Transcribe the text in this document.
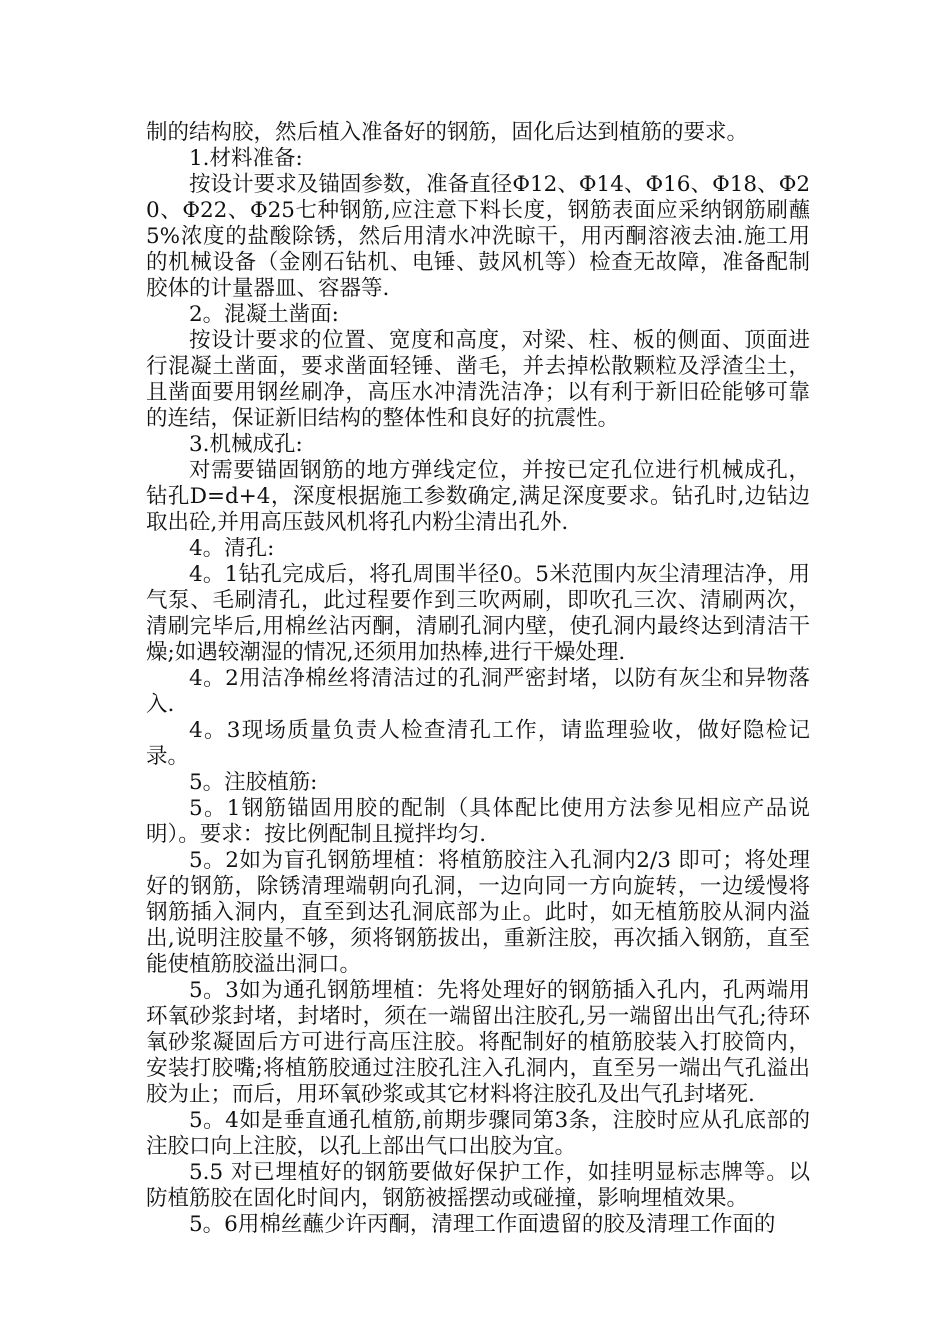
制的结构胶，然后植入准备好的钢筋，固化后达到植筋的要求。

1.材料准备:

按设计要求及锚固参数，准备直径Φ12、Φ14、Φ16、Φ18、Φ20、Φ22、Φ25七种钢筋,应注意下料长度，钢筋表面应采纳钢筋刷蘸5%浓度的盐酸除锈，然后用清水冲洗晾干，用丙酮溶液去油.施工用的机械设备（金刚石钻机、电锤、鼓风机等）检查无故障，准备配制胶体的计量器皿、容器等.

2。混凝土凿面:

按设计要求的位置、宽度和高度，对梁、柱、板的侧面、顶面进行混凝土凿面，要求凿面轻锤、凿毛，并去掉松散颗粒及浮渣尘土，且凿面要用钢丝刷净，高压水冲清洗洁净；以有利于新旧砼能够可靠的连结，保证新旧结构的整体性和良好的抗震性。

3.机械成孔:

对需要锚固钢筋的地方弹线定位，并按已定孔位进行机械成孔，钻孔D=d+4，深度根据施工参数确定,满足深度要求。钻孔时,边钻边取出砼,并用高压鼓风机将孔内粉尘清出孔外.

4。清孔:

4。1钻孔完成后，将孔周围半径0。5米范围内灰尘清理洁净，用气泵、毛刷清孔，此过程要作到三吹两刷，即吹孔三次、清刷两次，清刷完毕后,用棉丝沾丙酮，清刷孔洞内壁，使孔洞内最终达到清洁干燥;如遇较潮湿的情况,还须用加热棒,进行干燥处理.

4。2用洁净棉丝将清洁过的孔洞严密封堵，以防有灰尘和异物落入.

4。3现场质量负责人检查清孔工作，请监理验收，做好隐检记录。

5。注胶植筋:

5。1钢筋锚固用胶的配制（具体配比使用方法参见相应产品说明）。要求：按比例配制且搅拌均匀.

5。2如为盲孔钢筋埋植：将植筋胶注入孔洞内2/3 即可；将处理好的钢筋，除锈清理端朝向孔洞，一边向同一方向旋转，一边缓慢将钢筋插入洞内，直至到达孔洞底部为止。此时，如无植筋胶从洞内溢出,说明注胶量不够，须将钢筋拔出，重新注胶，再次插入钢筋，直至能使植筋胶溢出洞口。

5。3如为通孔钢筋埋植：先将处理好的钢筋插入孔内，孔两端用环氧砂浆封堵，封堵时，须在一端留出注胶孔,另一端留出出气孔;待环氧砂浆凝固后方可进行高压注胶。将配制好的植筋胶装入打胶筒内，安装打胶嘴;将植筋胶通过注胶孔注入孔洞内，直至另一端出气孔溢出胶为止；而后，用环氧砂浆或其它材料将注胶孔及出气孔封堵死.

5。4如是垂直通孔植筋,前期步骤同第3条，注胶时应从孔底部的注胶口向上注胶，以孔上部出气口出胶为宜。

5.5 对已埋植好的钢筋要做好保护工作，如挂明显标志牌等。以防植筋胶在固化时间内，钢筋被摇摆动或碰撞，影响埋植效果。

5。6用棉丝蘸少许丙酮，清理工作面遗留的胶及清理工作面的
